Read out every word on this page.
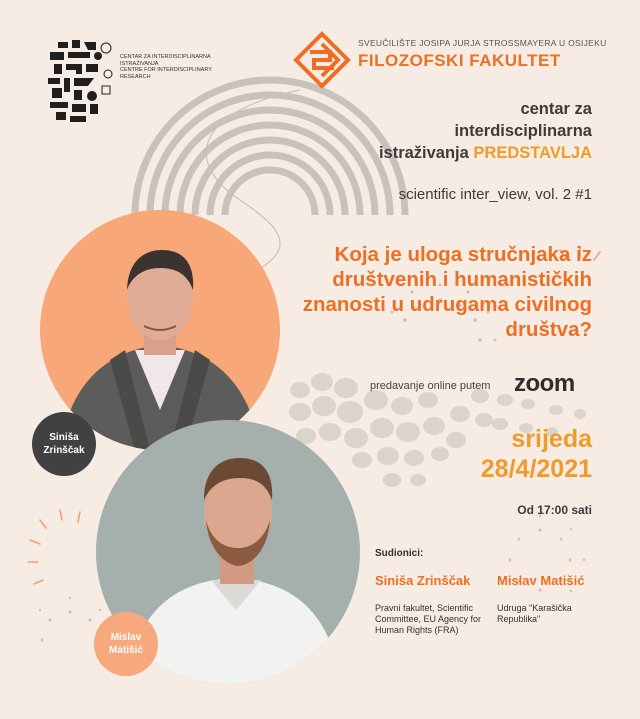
CENTAR ZA INTERDISCIPLINARNA ISTRAŽIVANJA
CENTRE FOR INTERDISCIPLINARY RESEARCH
SVEUČILIŠTE JOSIPA JURJA STROSSMAYERA U OSIJEKU
FILOZOFSKI FAKULTET
centar za
interdisciplinarna
istraživanja PREDSTAVLJA
scientific inter_view, vol. 2 #1
Siniša Zrinščak
Mislav Matišić
Koja je uloga stručnjaka iz društvenih i humanističkih znanosti u udrugama civilnog društva?
predavanje online putem zoom
srijeda
28/4/2021
Od 17:00 sati
Sudionici:
Siniša Zrinščak Mislav Matišić
Pravni fakultet, Scientific Committee, EU Agency for Human Rights (FRA)
Udruga "Karašička Republika"
